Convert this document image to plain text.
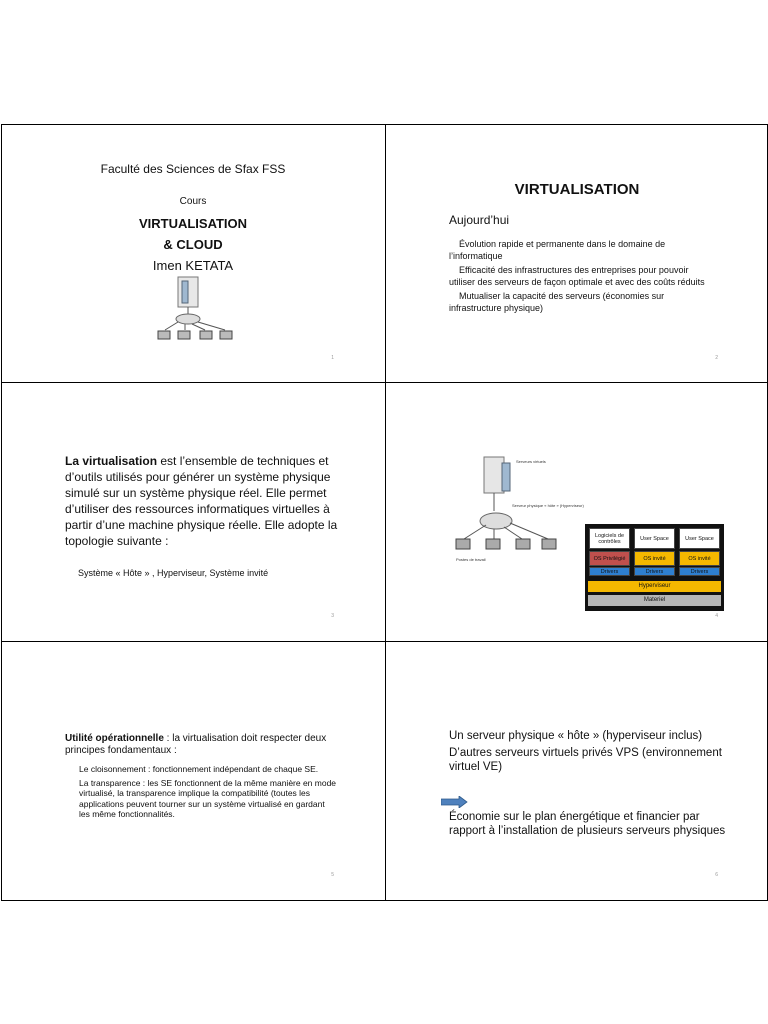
Faculté des Sciences de Sfax FSS
Cours
VIRTUALISATION
& CLOUD
Imen KETATA
1
VIRTUALISATION
Aujourd’hui
Évolution rapide et permanente dans le domaine de l’informatique
Efficacité des infrastructures des entreprises pour pouvoir utiliser des serveurs de façon optimale et avec des coûts réduits
Mutualiser la capacité des serveurs (économies sur infrastructure physique)
2
La virtualisation est l’ensemble de techniques et d’outils utilisés pour générer un système physique simulé sur un système physique réel. Elle permet d’utiliser des ressources informatiques virtuelles à partir d’une machine physique réelle. Elle adopte la topologie suivante :
Système « Hôte » , Hyperviseur, Système invité
3
Serveurs virtuels
Serveur physique « hôte » (Hyperviseur)
Postes de travail
Logiciels de contrôles
OS Privilégié
Drivers
User Space
OS invité
Drivers
User Space
OS invité
Drivers
Hyperviseur
Materiel
4
Utilité opérationnelle : la virtualisation doit respecter deux principes fondamentaux :
Le cloisonnement : fonctionnement indépendant de chaque SE.
La transparence : les SE fonctionnent de la même manière en mode virtualisé, la transparence implique la compatibilité (toutes les applications peuvent tourner sur un système virtualisé en gardant les même fonctionnalités.
5
Un serveur physique « hôte » (hyperviseur inclus)
D’autres serveurs virtuels privés VPS (environnement virtuel VE)
Économie sur le plan énergétique et financier par rapport à l’installation de plusieurs serveurs physiques
6
